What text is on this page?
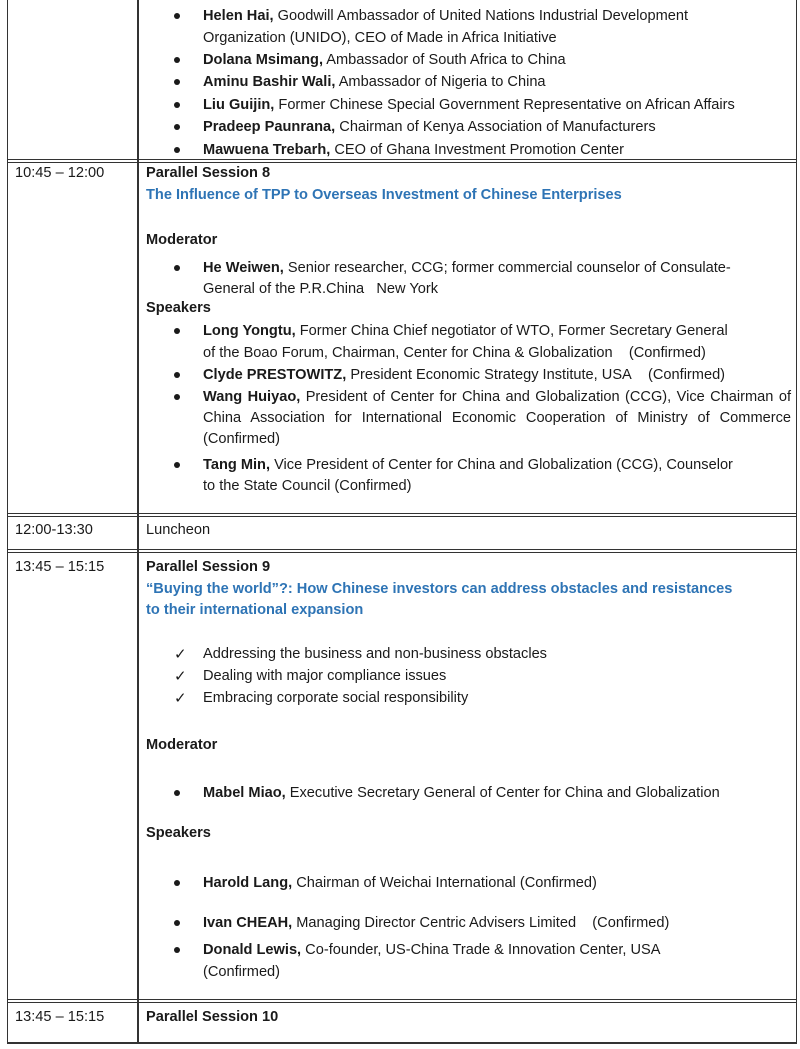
Helen Hai, Goodwill Ambassador of United Nations Industrial Development
Organization (UNIDO), CEO of Made in Africa Initiative
Dolana Msimang, Ambassador of South Africa to China
Aminu Bashir Wali, Ambassador of Nigeria to China
Liu Guijin, Former Chinese Special Government Representative on African Affairs
Pradeep Paunrana, Chairman of Kenya Association of Manufacturers
Mawuena Trebarh, CEO of Ghana Investment Promotion Center
10:45 – 12:00	Parallel Session 8
The Influence of TPP to Overseas Investment of Chinese Enterprises
Moderator
He Weiwen, Senior researcher, CCG; former commercial counselor of Consulate-
General of the P.R.China   New York
Speakers
Long Yongtu, Former China Chief negotiator of WTO, Former Secretary General
of the Boao Forum, Chairman, Center for China & Globalization    (Confirmed)
Clyde PRESTOWITZ, President Economic Strategy Institute, USA    (Confirmed)
Wang Huiyao, President of Center for China and Globalization (CCG), Vice Chairman of China Association for International Economic Cooperation of Ministry of Commerce (Confirmed)
Tang Min, Vice President of Center for China and Globalization (CCG), Counselor
to the State Council (Confirmed)
12:00-13:30	Luncheon
13:45 – 15:15	Parallel Session 9
“Buying the world”?: How Chinese investors can address obstacles and resistances
to their international expansion
✓ Addressing the business and non-business obstacles
✓ Dealing with major compliance issues
✓ Embracing corporate social responsibility
Moderator
Mabel Miao, Executive Secretary General of Center for China and Globalization
Speakers
Harold Lang, Chairman of Weichai International (Confirmed)
Ivan CHEAH, Managing Director Centric Advisers Limited    (Confirmed)
Donald Lewis, Co-founder, US-China Trade & Innovation Center, USA
(Confirmed)
13:45 – 15:15	Parallel Session 10
